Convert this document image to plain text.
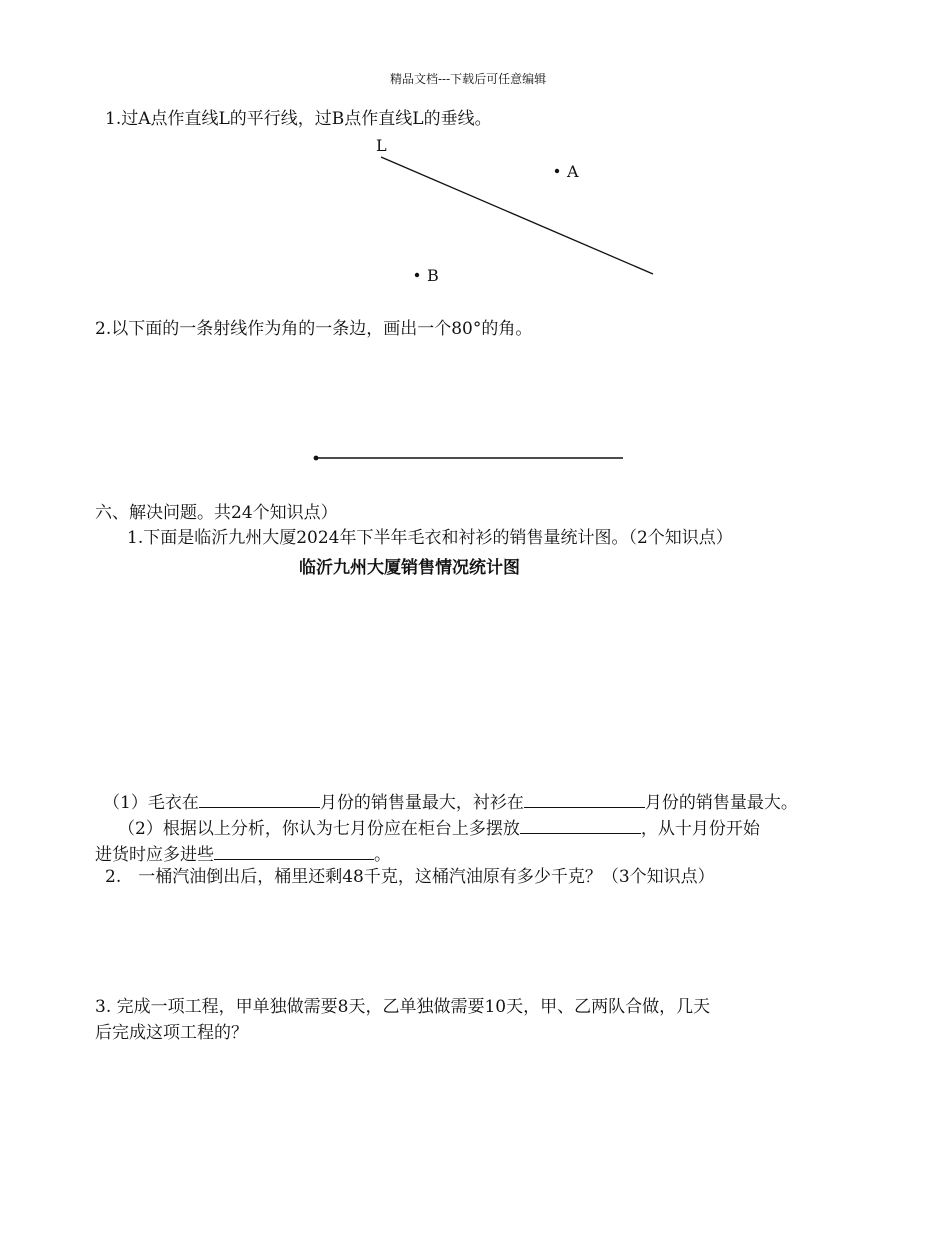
精品文档---下载后可任意编辑
1.过A点作直线L的平行线，过B点作直线L的垂线。
L
A
B
2.以下面的一条射线作为角的一条边，画出一个80°的角。
六、解决问题。共24个知识点）
1.下面是临沂九州大厦2024年下半年毛衣和衬衫的销售量统计图。（2个知识点）
临沂九州大厦销售情况统计图
（1）毛衣在	月份的销售量最大，衬衫在	月份的销售量最大。
（2）根据以上分析，你认为七月份应在柜台上多摆放	，从十月份开始
进货时应多进些	。
2.　一桶汽油倒出后，桶里还剩48千克，这桶汽油原有多少千克？（3个知识点）
3. 完成一项工程，甲单独做需要8天，乙单独做需要10天，甲、乙两队合做，几天
后完成这项工程的？
